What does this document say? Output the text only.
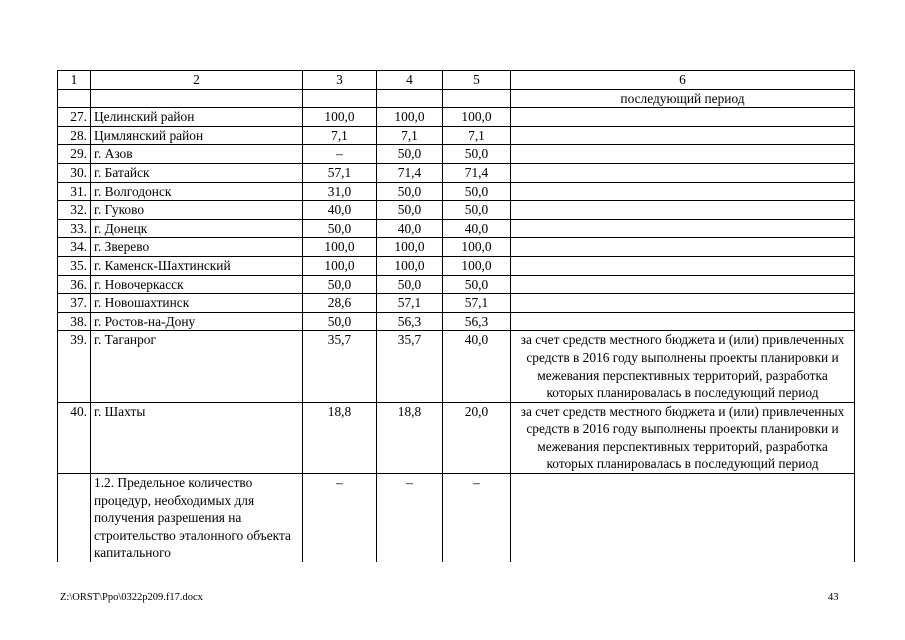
1	2	3	4	5	6
					последующий период
27.	Целинский район	100,0	100,0	100,0	
28.	Цимлянский район	7,1	7,1	7,1	
29.	г. Азов	–	50,0	50,0	
30.	г. Батайск	57,1	71,4	71,4	
31.	г. Волгодонск	31,0	50,0	50,0	
32.	г. Гуково	40,0	50,0	50,0	
33.	г. Донецк	50,0	40,0	40,0	
34.	г. Зверево	100,0	100,0	100,0	
35.	г. Каменск-Шахтинский	100,0	100,0	100,0	
36.	г. Новочеркасск	50,0	50,0	50,0	
37.	г. Новошахтинск	28,6	57,1	57,1	
38.	г. Ростов-на-Дону	50,0	56,3	56,3	
39.	г. Таганрог	35,7	35,7	40,0	за счет средств местного бюджета и (или) привлеченных средств в 2016 году выполнены проекты планировки и межевания перспективных территорий, разработка которых планировалась в последующий период
40.	г. Шахты	18,8	18,8	20,0	за счет средств местного бюджета и (или) привлеченных средств в 2016 году выполнены проекты планировки и межевания перспективных территорий, разработка которых планировалась в последующий период
	1.2. Предельное количество процедур, необходимых для получения разрешения на строительство эталонного объекта капитального	–	–	–	
Z:\ORST\Ppo\0322p209.f17.docx	43
